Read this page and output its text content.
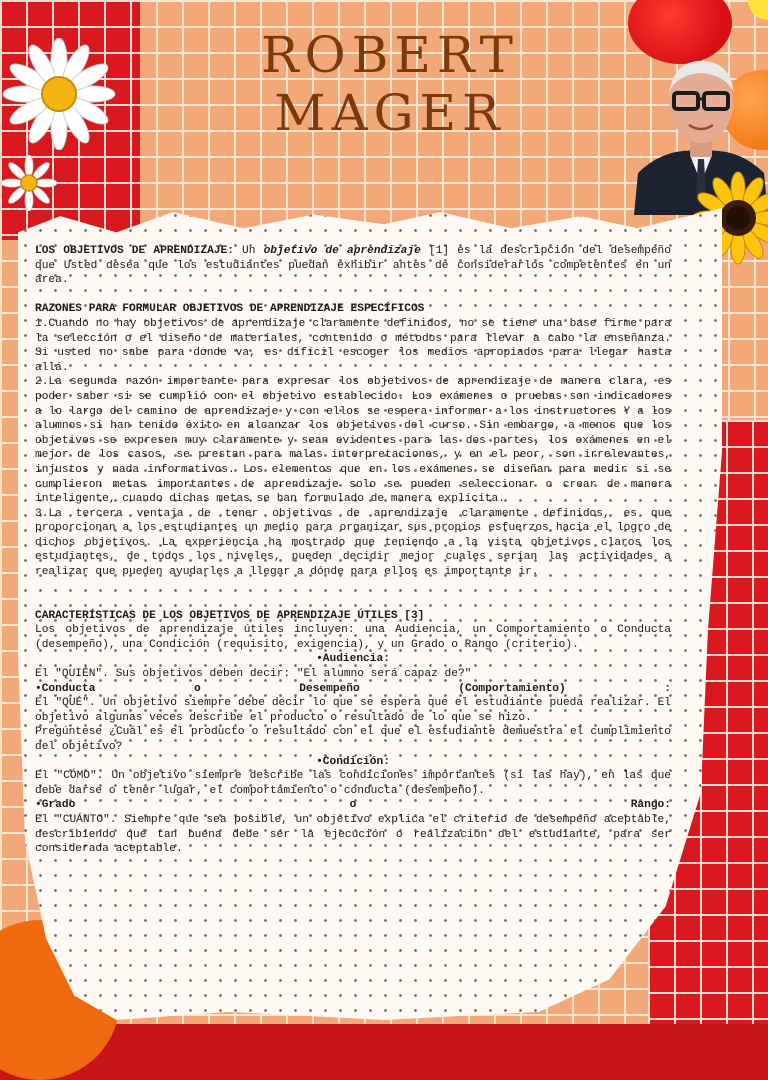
ROBERT
MAGER

LOS OBJETIVOS DE APRENDIZAJE: Un objetivo de aprendizaje [1] es la descripción del desempeño que Usted desea que los estudiantes puedan exhibir antes de considerarlos competentes en un área.

RAZONES PARA FORMULAR OBJETIVOS DE APRENDIZAJE ESPECÍFICOS

1.Cuando no hay objetivos de aprendizaje claramente definidos, no se tiene una base firme para la selección o el diseño de materiales, contenido o métodos para llevar a cabo la enseñanza. Si usted no sabe para donde va, es difícil escoger los medios apropiados para llegar hasta allá.

2.La segunda razón importante para expresar los objetivos de aprendizaje de manera clara, es poder saber si se cumplió con el objetivo establecido. Los exámenes o pruebas son indicadores a lo largo del camino de aprendizaje y con ellos se espera informar a los instructores Y a los alumnos si han tenido éxito en alcanzar los objetivos del curso. Sin embargo, a menos que los objetivos se expresen muy claramente y sean evidentes para las dos partes, los exámenes en el mejor de los casos, se prestan para malas interpretaciones, y en el peor, son irrelevantes, injustos y nada informativos. Los elementos que en los exámenes se diseñan para medir si se cumplieron metas importantes de aprendizaje solo se pueden seleccionar o crear de manera inteligente, cuando dichas metas se han formulado de manera explícita.

3.La tercera ventaja de tener objetivos de aprendizaje claramente definidos, es que proporcionan a los estudiantes un medio para organizar sus propios esfuerzos hacia el logro de dichos objetivos. La experiencia ha mostrado que teniendo a la vista objetivos claros los estudiantes, de todos los niveles, pueden decidir mejor cuales serían las actividades a realizar que pueden ayudarles a llegar a dónde para ellos es importante ir.

CARACTERÍSTICAS DE LOS OBJETIVOS DE APRENDIZAJE ÚTILES [3]

Los objetivos de aprendizaje útiles incluyen: una Audiencia, un Comportamiento o Conducta (desempeño), una Condición (requisito, exigencia), y un Grado o Rango (criterio).

•Audiencia:

El "QUIÉN". Sus objetivos deben decir: "El alumno será capaz de?"

•Conducta o Desempeño (Comportamiento) :

El "QUÉ". Un objetivo siempre debe decir lo que se espera que el estudiante pueda realizar. El objetivo algunas veces describe el producto o resultado de lo que se hizo.

Pregúntese ¿Cuál es el producto o resultado con el que el estudiante demuestra el cumplimiento del objetivo?

•Condición:

El "CÓMO". Un objetivo siempre describe las condiciones importantes (si las hay), en las que debe darse o tener lugar, el comportamiento o conducta (desempeño).

•Grado o Rango:

El "CUÁNTO". Siempre que sea posible, un objetivo explica el criterio de desempeño aceptable, describiendo qué tan buena debe ser la ejecución o realización del estudiante, para ser considerada aceptable.
